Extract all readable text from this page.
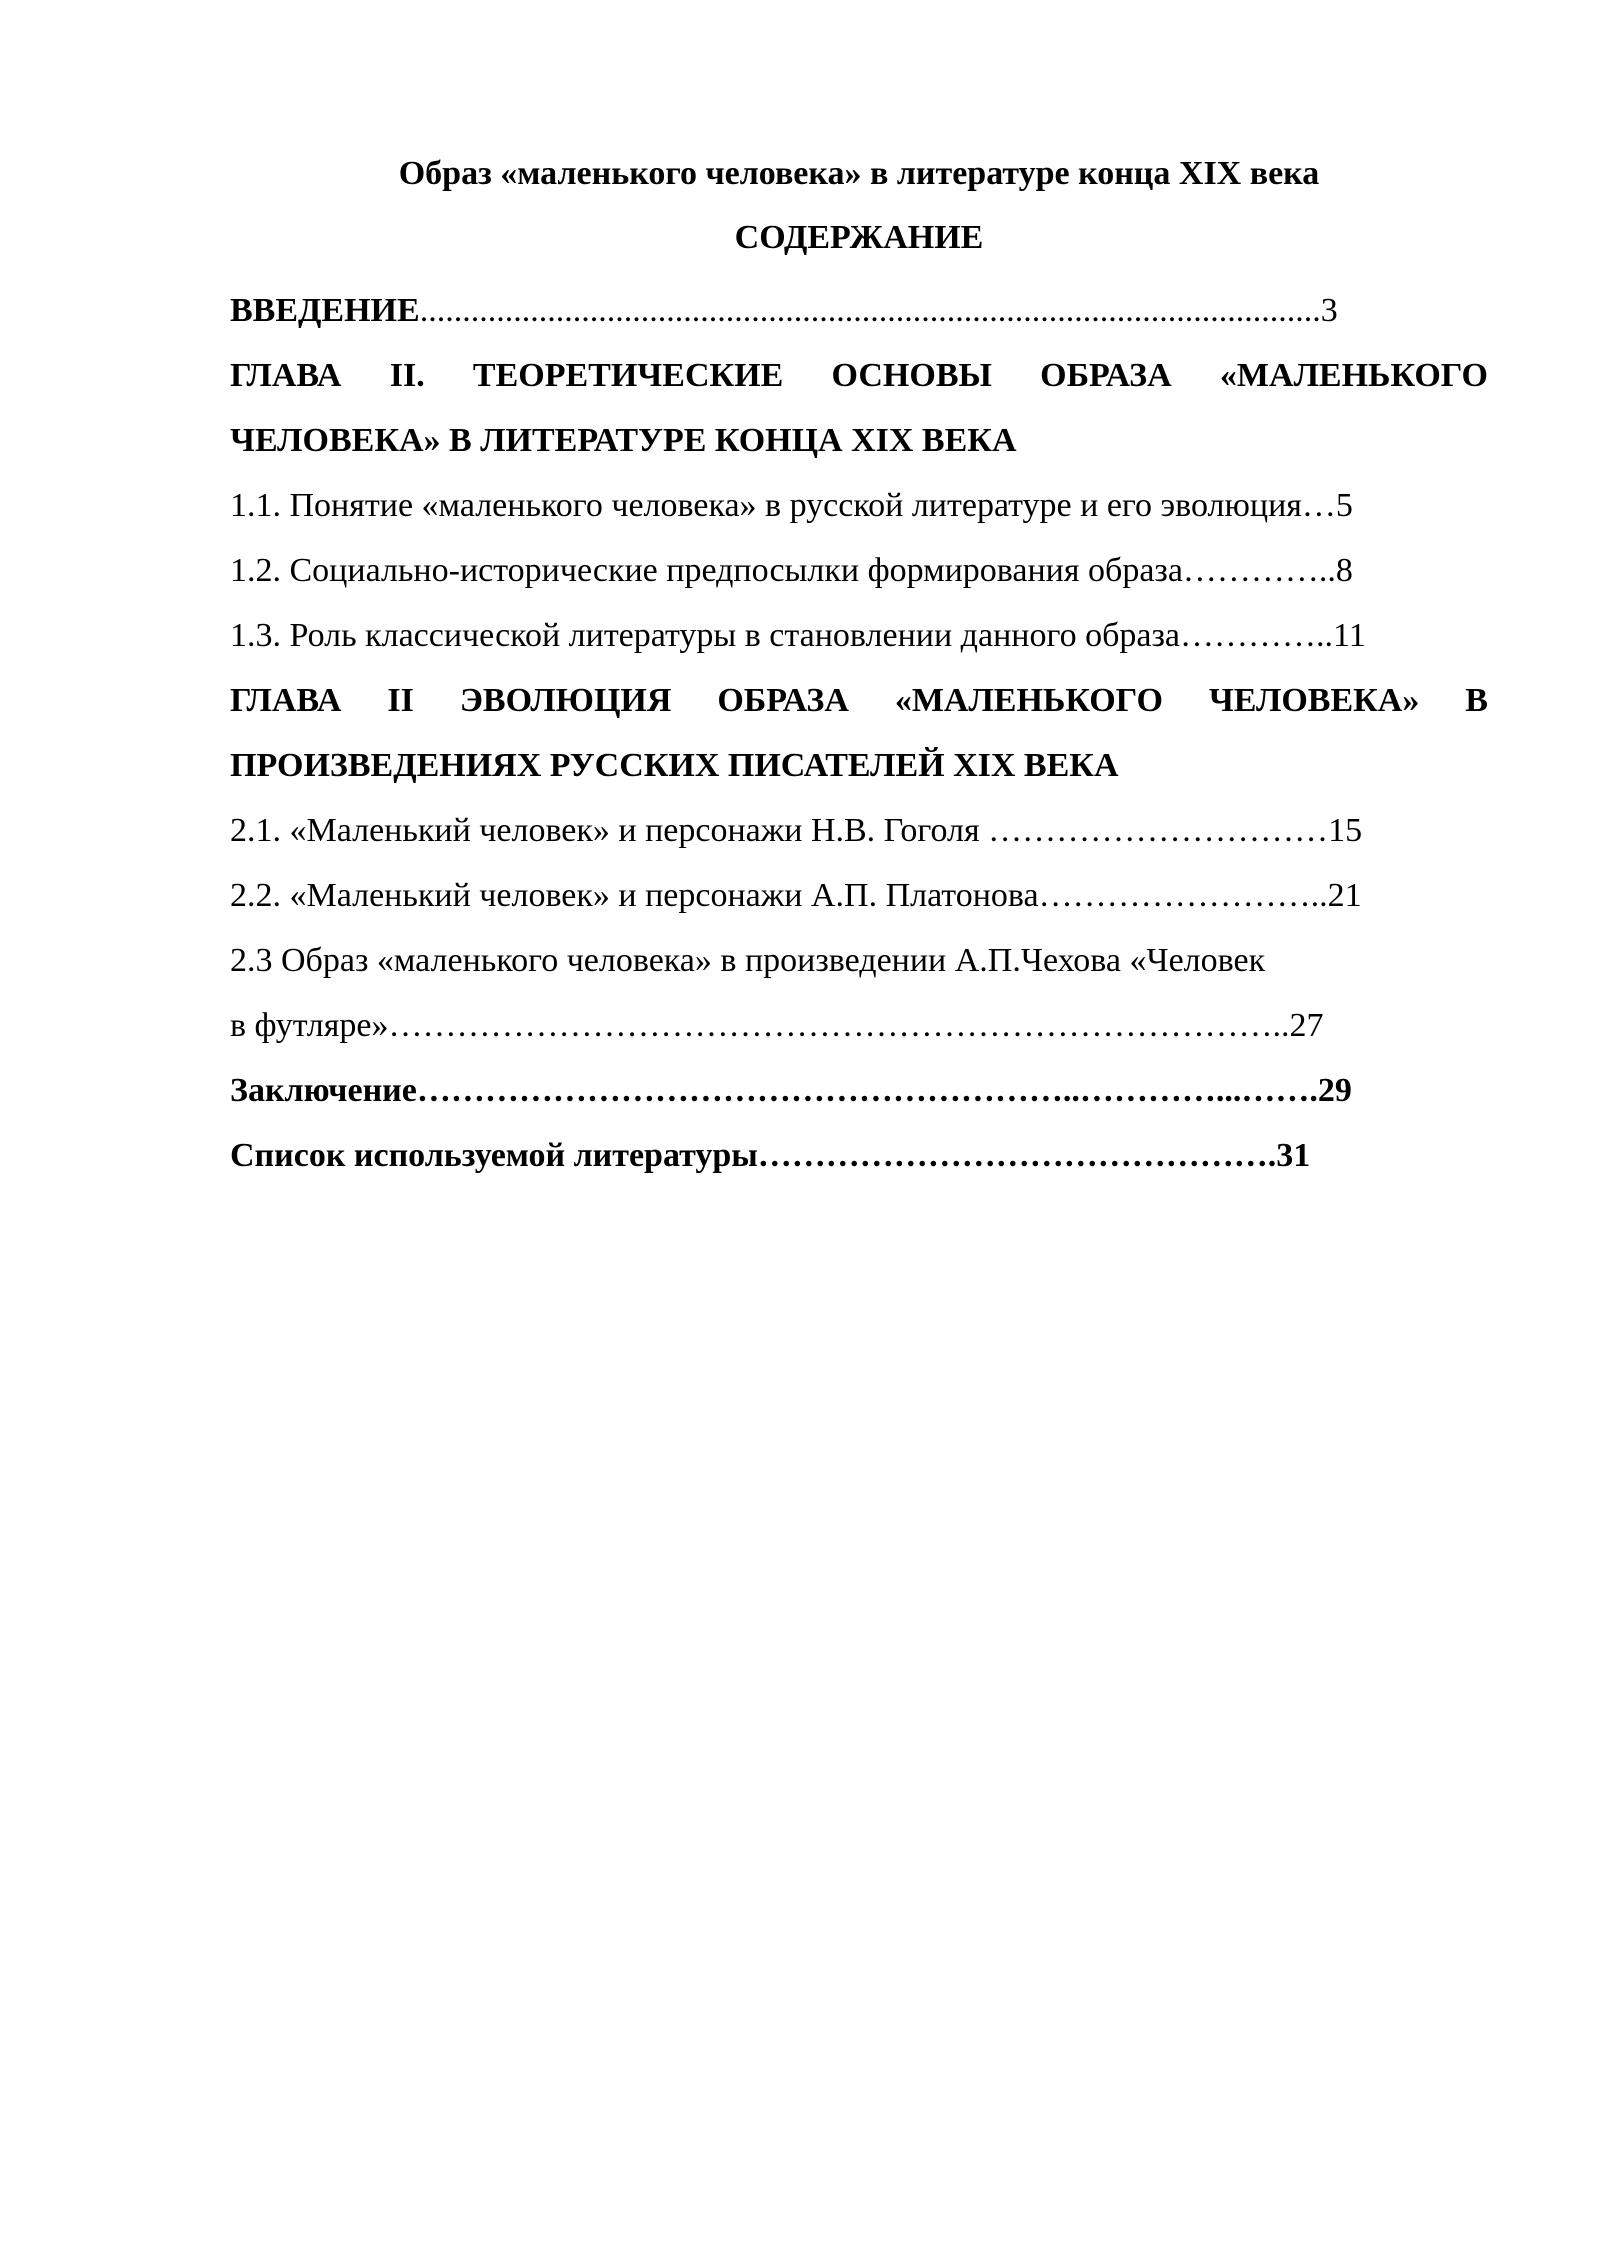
Образ «маленького человека» в литературе конца XIX века
СОДЕРЖАНИЕ
ВВЕДЕНИЕ..........................................................................................................3
ГЛАВА II. ТЕОРЕТИЧЕСКИЕ ОСНОВЫ ОБРАЗА «МАЛЕНЬКОГО
ЧЕЛОВЕКА» В ЛИТЕРАТУРЕ КОНЦА XIX ВЕКА
1.1. Понятие «маленького человека» в русской литературе и его эволюция…5
1.2. Социально-исторические предпосылки формирования образа…………..8
1.3. Роль классической литературы в становлении данного образа…………..11
ГЛАВА II ЭВОЛЮЦИЯ ОБРАЗА «МАЛЕНЬКОГО ЧЕЛОВЕКА» В
ПРОИЗВЕДЕНИЯХ РУССКИХ ПИСАТЕЛЕЙ XIX ВЕКА
2.1. «Маленький человек» и персонажи Н.В. Гоголя …………………………15
2.2. «Маленький человек» и персонажи А.П. Платонова……………………..21
2.3 Образ «маленького человека» в произведении А.П.Чехова «Человек
в футляре»……………………………………………………………………..27
Заключение…………………………………………………..…………...…….29
Список используемой литературы……………………………………….31
